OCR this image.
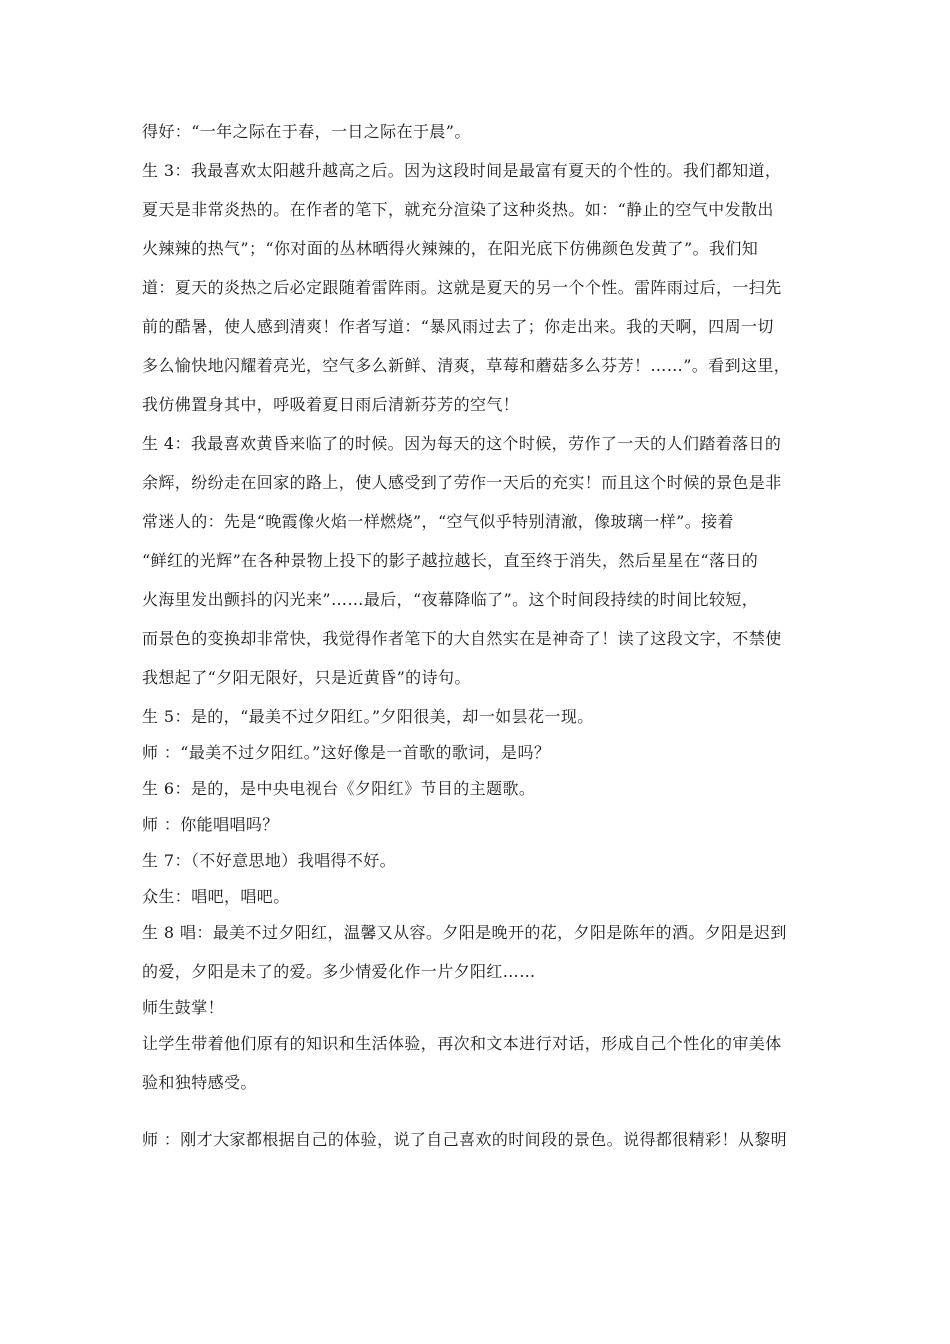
得好：“一年之际在于春，一日之际在于晨”。
生 3：我最喜欢太阳越升越高之后。因为这段时间是最富有夏天的个性的。我们都知道，
夏天是非常炎热的。在作者的笔下，就充分渲染了这种炎热。如：“静止的空气中发散出
火辣辣的热气”；“你对面的丛林晒得火辣辣的，在阳光底下仿佛颜色发黄了”。我们知
道：夏天的炎热之后必定跟随着雷阵雨。这就是夏天的另一个个性。雷阵雨过后，一扫先
前的酷暑，使人感到清爽！作者写道：“暴风雨过去了；你走出来。我的天啊，四周一切
多么愉快地闪耀着亮光，空气多么新鲜、清爽，草莓和蘑菇多么芬芳！……”。看到这里，
我仿佛置身其中，呼吸着夏日雨后清新芬芳的空气！
生 4：我最喜欢黄昏来临了的时候。因为每天的这个时候，劳作了一天的人们踏着落日的
余辉，纷纷走在回家的路上，使人感受到了劳作一天后的充实！而且这个时候的景色是非
常迷人的：先是“晚霞像火焰一样燃烧”，“空气似乎特别清澈，像玻璃一样”。接着
“鲜红的光辉”在各种景物上投下的影子越拉越长，直至终于消失，然后星星在“落日的
火海里发出颤抖的闪光来”……最后，“夜幕降临了”。这个时间段持续的时间比较短，
而景色的变换却非常快，我觉得作者笔下的大自然实在是神奇了！读了这段文字，不禁使
我想起了“夕阳无限好，只是近黄昏”的诗句。
生 5：是的，“最美不过夕阳红。”夕阳很美，却一如昙花一现。
师 ：“最美不过夕阳红。”这好像是一首歌的歌词，是吗？
生 6：是的，是中央电视台《夕阳红》节目的主题歌。
师 ：你能唱唱吗？
生 7：（不好意思地）我唱得不好。
众生：唱吧，唱吧。
生 8 唱：最美不过夕阳红，温馨又从容。夕阳是晚开的花，夕阳是陈年的酒。夕阳是迟到
的爱，夕阳是未了的爱。多少情爱化作一片夕阳红……
师生鼓掌！
让学生带着他们原有的知识和生活体验，再次和文本进行对话，形成自己个性化的审美体
验和独特感受。
师 ：刚才大家都根据自己的体验，说了自己喜欢的时间段的景色。说得都很精彩！从黎明
